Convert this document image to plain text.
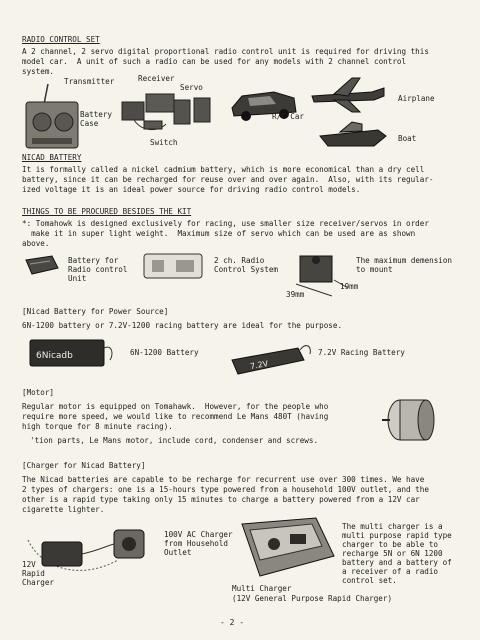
RADIO CONTROL SET
A 2 channel, 2 servo digital proportional radio control unit is required for driving this
model car.  A unit of such a radio can be used for any models with 2 channel control
system.
Transmitter	Receiver
Servo
Battery
Case
Switch
R/C Car
Airplane
Boat
NICAD BATTERY
It is formally called a nickel cadmium battery, which is more economical than a dry cell
battery, since it can be recharged for reuse over and over again.  Also, with its regular-
ized voltage it is an ideal power source for driving radio control models.
THINGS TO BE PROCURED BESIDES THE KIT
*: Tomahowk is designed exclusively for racing, use smaller size receiver/servos in order
make it in super light weight.  Maximum size of servo which can be used are as shown
above.
Battery for
Radio control
Unit
2 ch. Radio
Control System
39mm
19mm
The maximum demension
to mount
[Nicad Battery for Power Source]
6N-1200 battery or 7.2V-1200 racing battery are ideal for the purpose.
6Nicadb	6N-1200 Battery
7.2V
7.2V Racing Battery
[Motor]
Regular motor is equipped on Tomahawk.  However, for the people who
require more speed, we would like to recommend Le Mans 480T (having
high torque for 8 minute racing).
'tion parts, Le Mans motor, include cord, condenser and screws.
[Charger for Nicad Battery]
The Nicad batteries are capable to be recharge for recurrent use over 300 times. We have
2 types of chargers: one is a 15-hours type powered from a household 100V outlet, and the
other is a rapid type taking only 15 minutes to charge a battery powered from a 12V car
cigarette lighter.
12V
Rapid
Charger
100V AC Charger
from Household
Outlet
Multi Charger
(12V General Purpose Rapid Charger)
The multi charger is a
multi purpose rapid type
charger to be able to
recharge 5N or 6N 1200
battery and a battery of
a receiver of a radio
control set.
- 2 -
